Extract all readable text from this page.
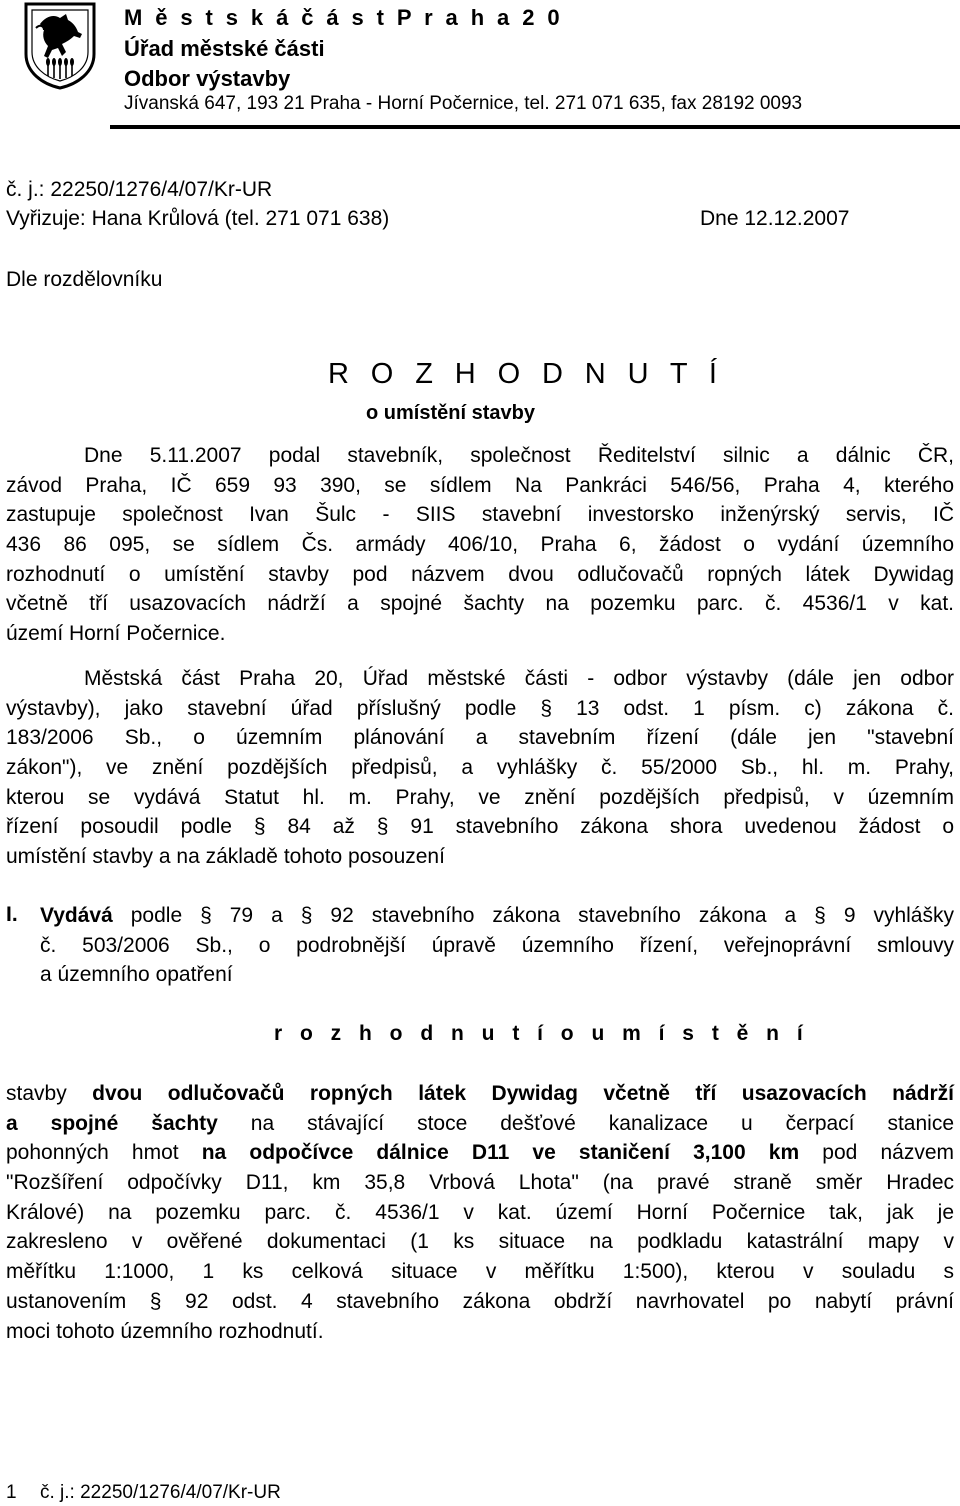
M ě s t s k á č á s t P r a h a 2 0
Úřad městské části
Odbor výstavby
Jívanská 647, 193 21 Praha - Horní Počernice, tel. 271 071 635, fax 28192 0093
č. j.: 22250/1276/4/07/Kr-UR
Vyřizuje: Hana Krůlová (tel. 271 071 638)	Dne 12.12.2007
Dle rozdělovníku
R O Z H O D N U T Í
o umístění stavby
Dne 5.11.2007 podal stavebník, společnost Ředitelství silnic a dálnic ČR,
závod Praha, IČ 659 93 390, se sídlem Na Pankráci 546/56, Praha 4, kterého
zastupuje společnost Ivan Šulc - SIIS stavební investorsko inženýrský servis, IČ
436 86 095, se sídlem Čs. armády 406/10, Praha 6, žádost o vydání územního
rozhodnutí o umístění stavby pod názvem dvou odlučovačů ropných látek Dywidag
včetně tří usazovacích nádrží a spojné šachty na pozemku parc. č. 4536/1 v kat.
území Horní Počernice.
Městská část Praha 20, Úřad městské části - odbor výstavby (dále jen odbor
výstavby), jako stavební úřad příslušný podle § 13 odst. 1 písm. c) zákona č.
183/2006 Sb., o územním plánování a stavebním řízení (dále jen "stavební
zákon"), ve znění pozdějších předpisů, a vyhlášky č. 55/2000 Sb., hl. m. Prahy,
kterou se vydává Statut hl. m. Prahy, ve znění pozdějších předpisů, v územním
řízení posoudil podle § 84 až § 91 stavebního zákona shora uvedenou žádost o
umístění stavby a na základě tohoto posouzení
I. Vydává podle § 79 a § 92 stavebního zákona stavebního zákona a § 9 vyhlášky
č. 503/2006 Sb., o podrobnější úpravě územního řízení, veřejnoprávní smlouvy
a územního opatření
r o z h o d n u t í o u m í s t ě n í
stavby dvou odlučovačů ropných látek Dywidag včetně tří usazovacích nádrží
a spojné šachty na stávající stoce dešťové kanalizace u čerpací stanice
pohonných hmot na odpočívce dálnice D11 ve staničení 3,100 km pod názvem
"Rozšíření odpočívky D11, km 35,8 Vrbová Lhota" (na pravé straně směr Hradec
Králové) na pozemku parc. č. 4536/1 v kat. území Horní Počernice tak, jak je
zakresleno v ověřené dokumentaci (1 ks situace na podkladu katastrální mapy v
měřítku 1:1000, 1 ks celková situace v měřítku 1:500), kterou v souladu s
ustanovením § 92 odst. 4 stavebního zákona obdrží navrhovatel po nabytí právní
moci tohoto územního rozhodnutí.
1 č. j.: 22250/1276/4/07/Kr-UR
